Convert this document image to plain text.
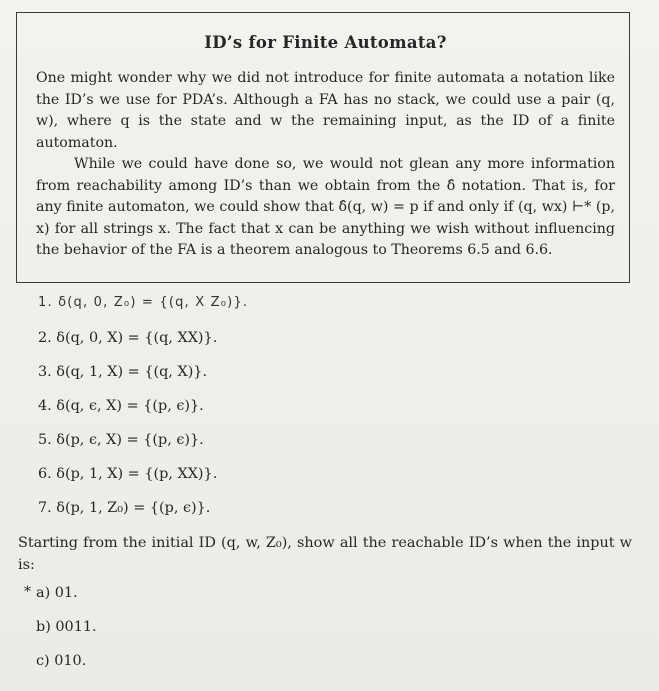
ID’s for Finite Automata?

One might wonder why we did not introduce for finite automata a notation like the ID’s we use for PDA’s. Although a FA has no stack, we could use a pair (q, w), where q is the state and w the remaining input, as the ID of a finite automaton.

While we could have done so, we would not glean any more information from reachability among ID’s than we obtain from the δ̂ notation. That is, for any finite automaton, we could show that δ̂(q, w) = p if and only if (q, wx) ⊢* (p, x) for all strings x. The fact that x can be anything we wish without influencing the behavior of the FA is a theorem analogous to Theorems 6.5 and 6.6.

1. δ(q, 0, Z₀) = {(q, X Z₀)}.
2. δ(q, 0, X) = {(q, XX)}.
3. δ(q, 1, X) = {(q, X)}.
4. δ(q, ϵ, X) = {(p, ϵ)}.
5. δ(p, ϵ, X) = {(p, ϵ)}.
6. δ(p, 1, X) = {(p, XX)}.
7. δ(p, 1, Z₀) = {(p, ϵ)}.
Starting from the initial ID (q, w, Z₀), show all the reachable ID’s when the input w is:
* a) 01.
b) 0011.
c) 010.
